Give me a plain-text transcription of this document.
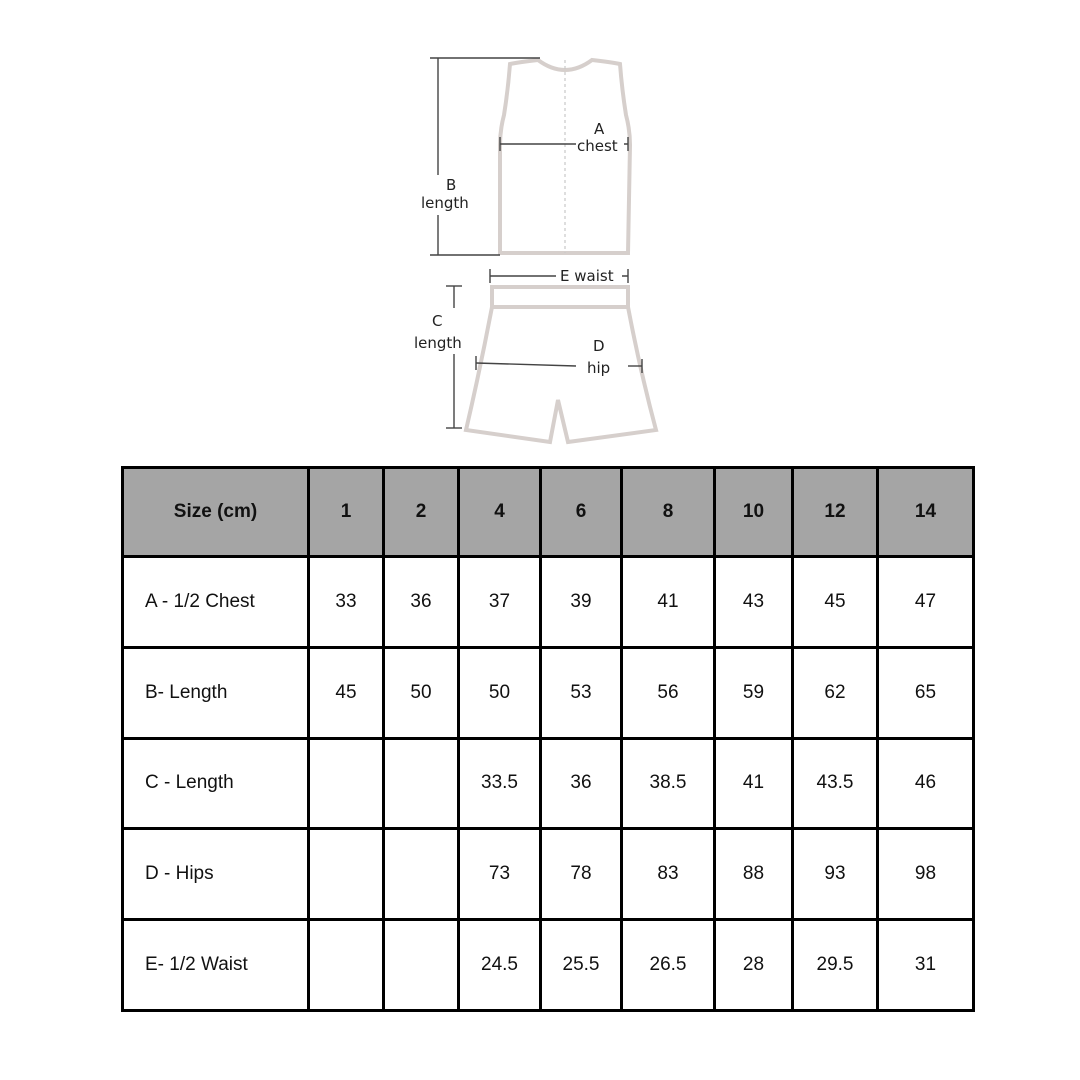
B
length
A
chest
E waist
C
length	D
hip
Size (cm)	1	2	4	6	8	10	12	14
A - 1/2 Chest	33	36	37	39	41	43	45	47
B- Length	45	50	50	53	56	59	62	65
C - Length			33.5	36	38.5	41	43.5	46
D - Hips			73	78	83	88	93	98
E- 1/2 Waist			24.5	25.5	26.5	28	29.5	31
